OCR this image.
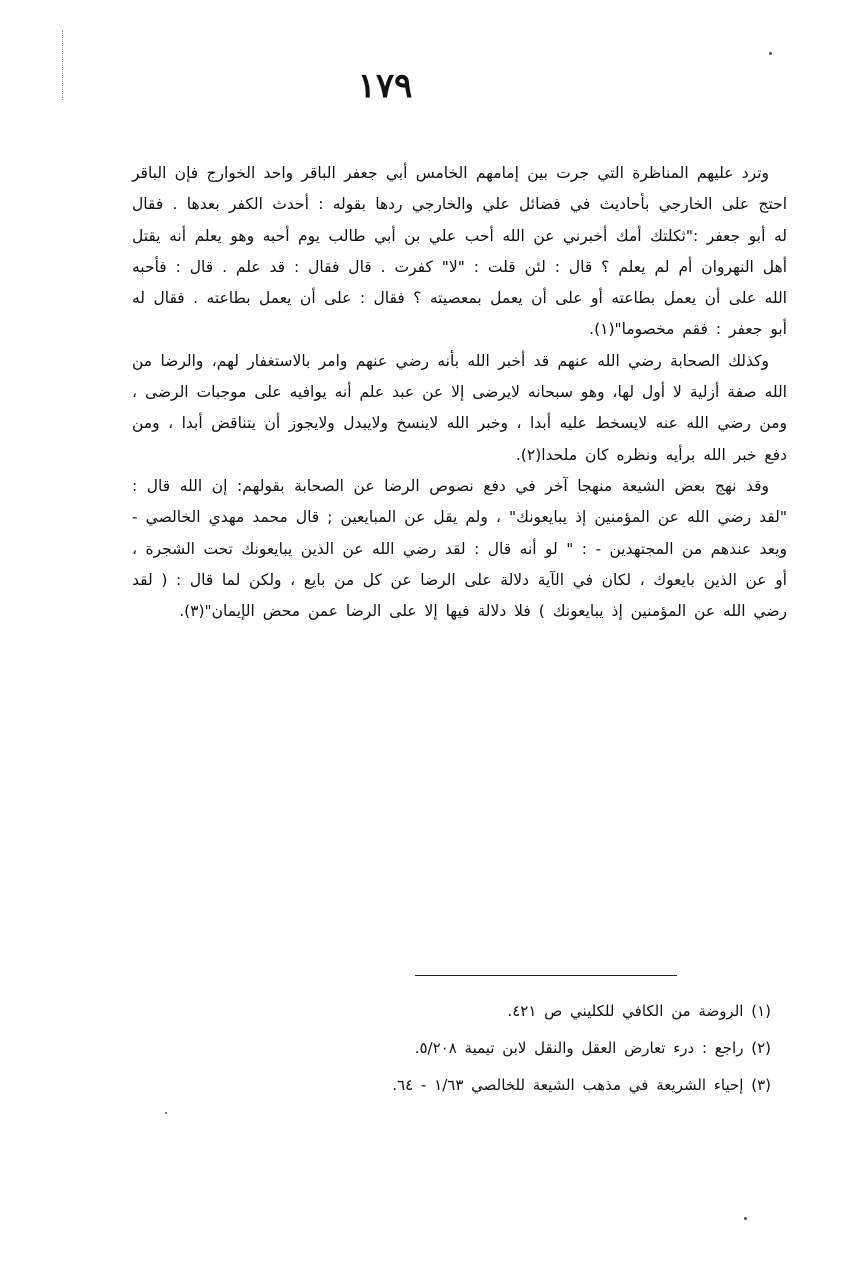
١٧٩

وترد عليهم المناظرة التي جرت بين إمامهم الخامس أبي جعفر الباقر واحد الخوارج فإن الباقر احتج على الخارجي بأحاديث في فضائل علي والخارجي ردها بقوله : أحدث الكفر بعدها . فقال له أبو جعفر :"ثكلتك أمك أخبرني عن الله أحب علي بن أبي طالب يوم أحبه وهو يعلم أنه يقتل أهل النهروان أم لم يعلم ؟ قال : لئن قلت : "لا" كفرت . قال فقال : قد علم . قال : فأحبه الله على أن يعمل بطاعته أو على أن يعمل بمعصيته ؟ فقال : على أن يعمل بطاعته . فقال له أبو جعفر : فقم مخصوما"(١).

وكذلك الصحابة رضي الله عنهم قد أخبر الله بأنه رضي عنهم وامر بالاستغفار لهم، والرضا من الله صفة أزلية لا أول لها، وهو سبحانه لايرضى إلا عن عبد علم أنه يوافيه على موجبات الرضى ، ومن رضي الله عنه لايسخط عليه أبدا ، وخبر الله لاينسخ ولايبدل ولايجوز أن يتناقض أبدا ، ومن دفع خبر الله برأيه ونظره كان ملحدا(٢).

وقد نهج بعض الشيعة منهجا آخر في دفع نصوص الرضا عن الصحابة بقولهم: إن الله قال : "لقد رضي الله عن المؤمنين إذ يبايعونك" ، ولم يقل عن المبايعين ; قال محمد مهدي الخالصي - ويعد عندهم من المجتهدين - : " لو أنه قال : لقد رضي الله عن الذين يبايعونك تحت الشجرة ، أو عن الذين بايعوك ، لكان في الآية دلالة على الرضا عن كل من بايع ، ولكن لما قال : ( لقد رضي الله عن المؤمنين إذ يبايعونك ) فلا دلالة فيها إلا على الرضا عمن محض الإيمان"(٣).

(١) الروضة من الكافي للكليني ص ٤٢١.

(٢) راجع : درء تعارض العقل والنقل لابن تيمية ٥/٢٠٨.

(٣) إحياء الشريعة في مذهب الشيعة للخالصي ١/٦٣ - ٦٤.
